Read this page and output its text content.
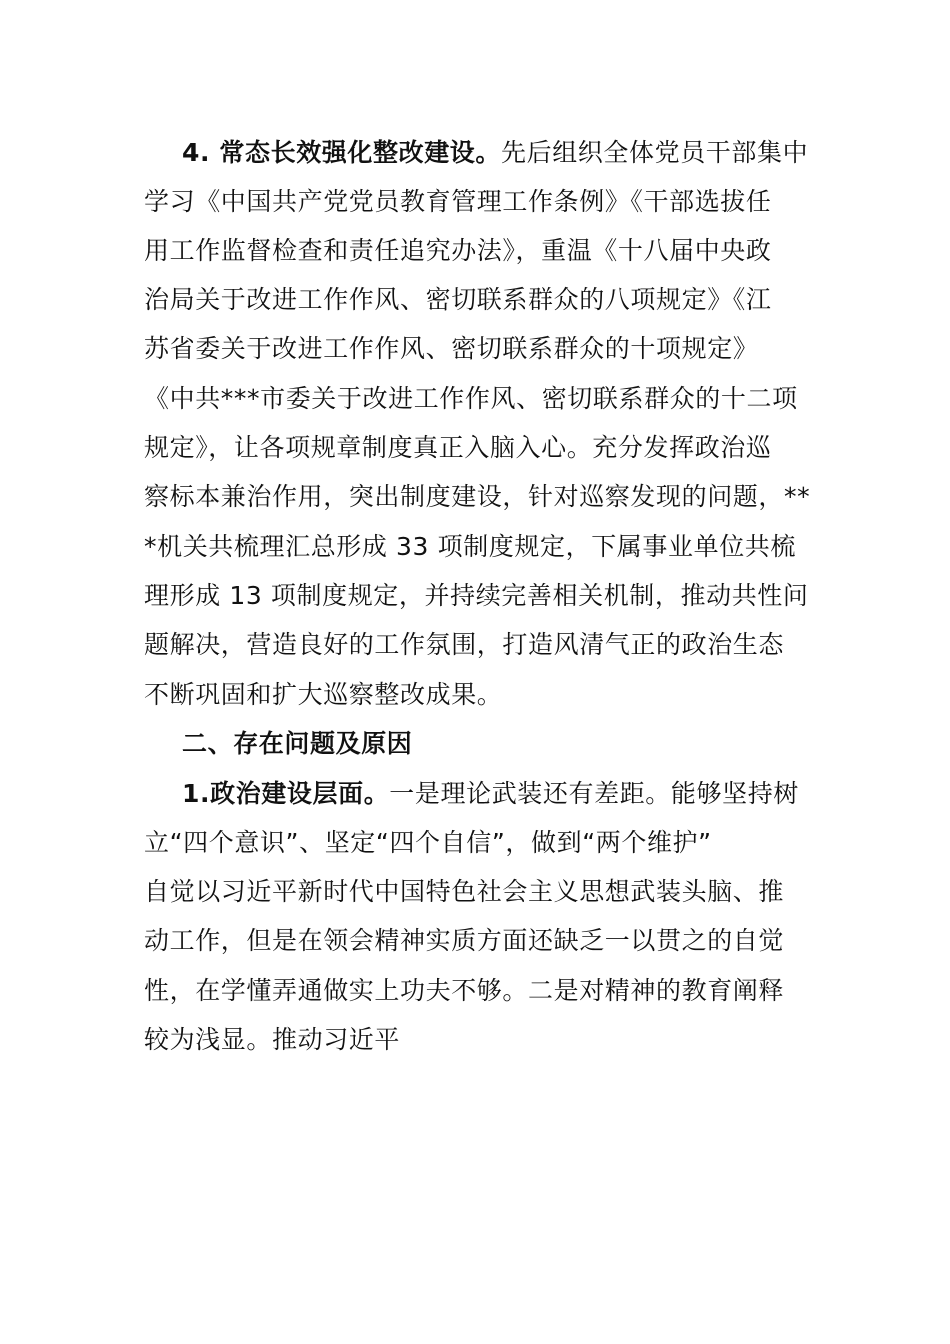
4. 常态长效强化整改建设。先后组织全体党员干部集中
学习《中国共产党党员教育管理工作条例》《干部选拔任
用工作监督检查和责任追究办法》，重温《十八届中央政
治局关于改进工作作风、密切联系群众的八项规定》《江
苏省委关于改进工作作风、密切联系群众的十项规定》
《中共***市委关于改进工作作风、密切联系群众的十二项
规定》，让各项规章制度真正入脑入心。充分发挥政治巡
察标本兼治作用，突出制度建设，针对巡察发现的问题，**
*机关共梳理汇总形成 33 项制度规定，下属事业单位共梳
理形成 13 项制度规定，并持续完善相关机制，推动共性问
题解决，营造良好的工作氛围，打造风清气正的政治生态
不断巩固和扩大巡察整改成果。
二、存在问题及原因
1.政治建设层面。一是理论武装还有差距。能够坚持树
立“四个意识”、坚定“四个自信”，做到“两个维护”
自觉以习近平新时代中国特色社会主义思想武装头脑、推
动工作，但是在领会精神实质方面还缺乏一以贯之的自觉
性，在学懂弄通做实上功夫不够。二是对精神的教育阐释
较为浅显。推动习近平
